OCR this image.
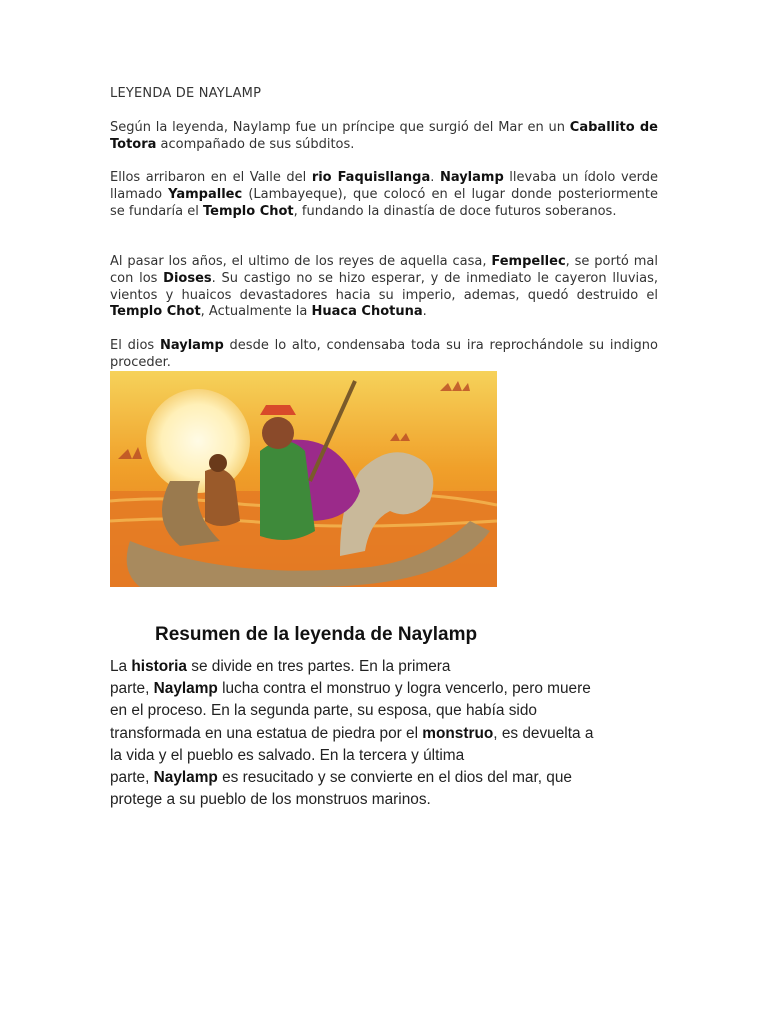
LEYENDA DE NAYLAMP

Según la leyenda, Naylamp fue un príncipe que surgió del Mar en un Caballito de Totora acompañado de sus súbditos.

Ellos arribaron en el Valle del rio Faquisllanga. Naylamp llevaba un ídolo verde llamado Yampallec (Lambayeque), que colocó en el lugar donde posteriormente se fundaría el Templo Chot, fundando la dinastía de doce futuros soberanos.

Al pasar los años, el ultimo de los reyes de aquella casa, Fempellec, se portó mal con los Dioses. Su castigo no se hizo esperar, y de inmediato le cayeron lluvias, vientos y huaicos devastadores hacia su imperio, ademas, quedó destruido el Templo Chot, Actualmente la Huaca Chotuna.

El dios Naylamp desde lo alto, condensaba toda su ira reprochándole su indigno proceder.

Resumen de la leyenda de Naylamp
La historia se divide en tres partes. En la primera
parte, Naylamp lucha contra el monstruo y logra vencerlo, pero muere
en el proceso. En la segunda parte, su esposa, que había sido
transformada en una estatua de piedra por el monstruo, es devuelta a
la vida y el pueblo es salvado. En la tercera y última
parte, Naylamp es resucitado y se convierte en el dios del mar, que
protege a su pueblo de los monstruos marinos.
